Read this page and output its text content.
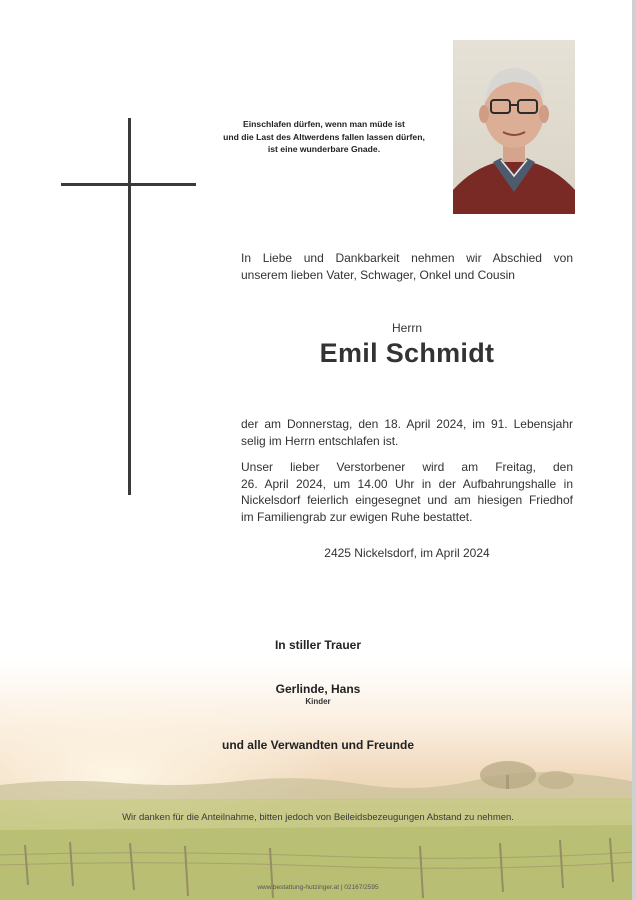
Einschlafen dürfen, wenn man müde ist
und die Last des Altwerdens fallen lassen dürfen,
ist eine wunderbare Gnade.
In Liebe und Dankbarkeit nehmen wir Abschied von
unserem lieben Vater, Schwager, Onkel und Cousin
Herrn
Emil Schmidt
der am Donnerstag, den 18. April 2024, im 91. Lebensjahr
selig im Herrn entschlafen ist.
Unser lieber Verstorbener wird am Freitag, den
26. April 2024, um 14.00 Uhr in der Aufbahrungshalle in
Nickelsdorf feierlich eingesegnet und am hiesigen Friedhof
im Familiengrab zur ewigen Ruhe bestattet.
2425 Nickelsdorf, im April 2024
In stiller Trauer
Gerlinde, Hans
Kinder
und alle Verwandten und Freunde
Wir danken für die Anteilnahme, bitten jedoch von Beileidsbezeugungen Abstand zu nehmen.
www.bestattung-hutzinger.at | 02167/2595
